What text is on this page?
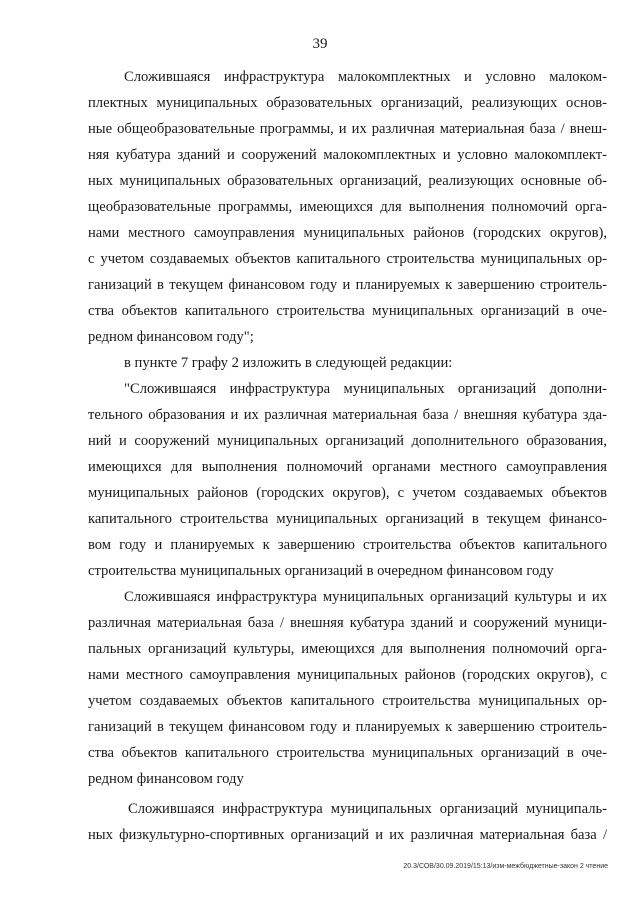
39
Сложившаяся инфраструктура малокомплектных и условно малоком-
плектных муниципальных образовательных организаций, реализующих основ-
ные общеобразовательные программы, и их различная материальная база / внеш-
няя кубатура зданий и сооружений малокомплектных и условно малокомплект-
ных муниципальных образовательных организаций, реализующих основные об-
щеобразовательные программы, имеющихся для выполнения полномочий орга-
нами местного самоуправления муниципальных районов (городских округов),
с учетом создаваемых объектов капитального строительства муниципальных ор-
ганизаций в текущем финансовом году и планируемых к завершению строитель-
ства объектов капитального строительства муниципальных организаций в оче-
редном финансовом году";
в пункте 7 графу 2 изложить в следующей редакции:
"Сложившаяся инфраструктура муниципальных организаций дополни-
тельного образования и их различная материальная база / внешняя кубатура зда-
ний и сооружений муниципальных организаций дополнительного образования,
имеющихся для выполнения полномочий органами местного самоуправления
муниципальных районов (городских округов), с учетом создаваемых объектов
капитального строительства муниципальных организаций в текущем финансо-
вом году и планируемых к завершению строительства объектов капитального
строительства муниципальных организаций в очередном финансовом году
Сложившаяся инфраструктура муниципальных организаций культуры и их
различная материальная база / внешняя кубатура зданий и сооружений муници-
пальных организаций культуры, имеющихся для выполнения полномочий орга-
нами местного самоуправления муниципальных районов (городских округов), с
учетом создаваемых объектов капитального строительства муниципальных ор-
ганизаций в текущем финансовом году и планируемых к завершению строитель-
ства объектов капитального строительства муниципальных организаций в оче-
редном финансовом году
Сложившаяся инфраструктура муниципальных организаций муниципаль-
ных физкультурно-спортивных организаций и их различная материальная база /
20.3/СОВ/30.09.2019/15:13/изм-межбюджетные-закон 2 чтение
